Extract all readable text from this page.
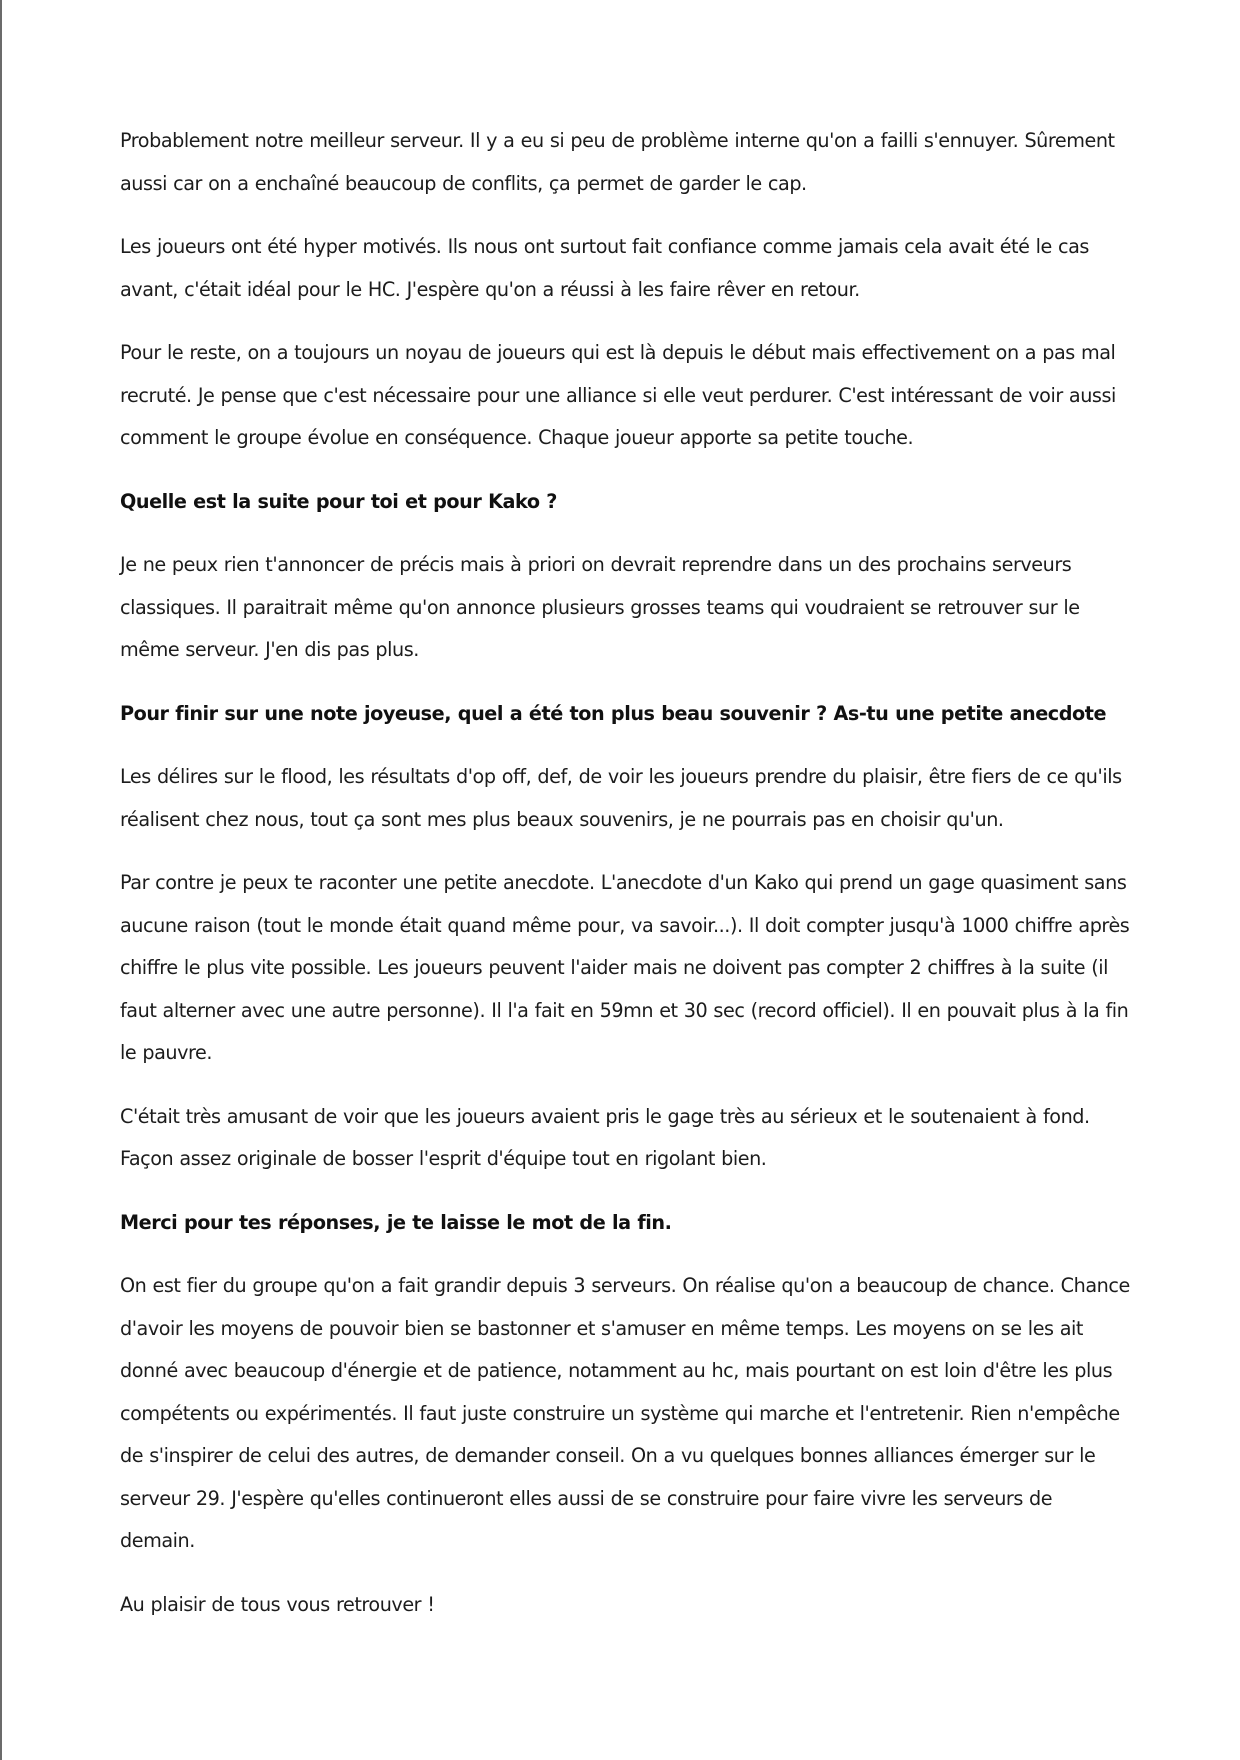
Probablement notre meilleur serveur. Il y a eu si peu de problème interne qu'on a failli s'ennuyer. Sûrement aussi car on a enchaîné beaucoup de conflits, ça permet de garder le cap.

Les joueurs ont été hyper motivés. Ils nous ont surtout fait confiance comme jamais cela avait été le cas avant, c'était idéal pour le HC. J'espère qu'on a réussi à les faire rêver en retour.

Pour le reste, on a toujours un noyau de joueurs qui est là depuis le début mais effectivement on a pas mal recruté. Je pense que c'est nécessaire pour une alliance si elle veut perdurer. C'est intéressant de voir aussi comment le groupe évolue en conséquence. Chaque joueur apporte sa petite touche.

Quelle est la suite pour toi et pour Kako ?

Je ne peux rien t'annoncer de précis mais à priori on devrait reprendre dans un des prochains serveurs classiques. Il paraitrait même qu'on annonce plusieurs grosses teams qui voudraient se retrouver sur le même serveur. J'en dis pas plus.

Pour finir sur une note joyeuse, quel a été ton plus beau souvenir ? As-tu une petite anecdote

Les délires sur le flood, les résultats d'op off, def, de voir les joueurs prendre du plaisir, être fiers de ce qu'ils réalisent chez nous, tout ça sont mes plus beaux souvenirs, je ne pourrais pas en choisir qu'un.

Par contre je peux te raconter une petite anecdote. L'anecdote d'un Kako qui prend un gage quasiment sans aucune raison (tout le monde était quand même pour, va savoir...). Il doit compter jusqu'à 1000 chiffre après chiffre le plus vite possible. Les joueurs peuvent l'aider mais ne doivent pas compter 2 chiffres à la suite (il faut alterner avec une autre personne). Il l'a fait en 59mn et 30 sec (record officiel). Il en pouvait plus à la fin le pauvre.

C'était très amusant de voir que les joueurs avaient pris le gage très au sérieux et le soutenaient à fond. Façon assez originale de bosser l'esprit d'équipe tout en rigolant bien.

Merci pour tes réponses, je te laisse le mot de la fin.

On est fier du groupe qu'on a fait grandir depuis 3 serveurs. On réalise qu'on a beaucoup de chance. Chance d'avoir les moyens de pouvoir bien se bastonner et s'amuser en même temps. Les moyens on se les ait donné avec beaucoup d'énergie et de patience, notamment au hc, mais pourtant on est loin d'être les plus compétents ou expérimentés. Il faut juste construire un système qui marche et l'entretenir. Rien n'empêche de s'inspirer de celui des autres, de demander conseil. On a vu quelques bonnes alliances émerger sur le serveur 29. J'espère qu'elles continueront elles aussi de se construire pour faire vivre les serveurs de demain.

Au plaisir de tous vous retrouver !
